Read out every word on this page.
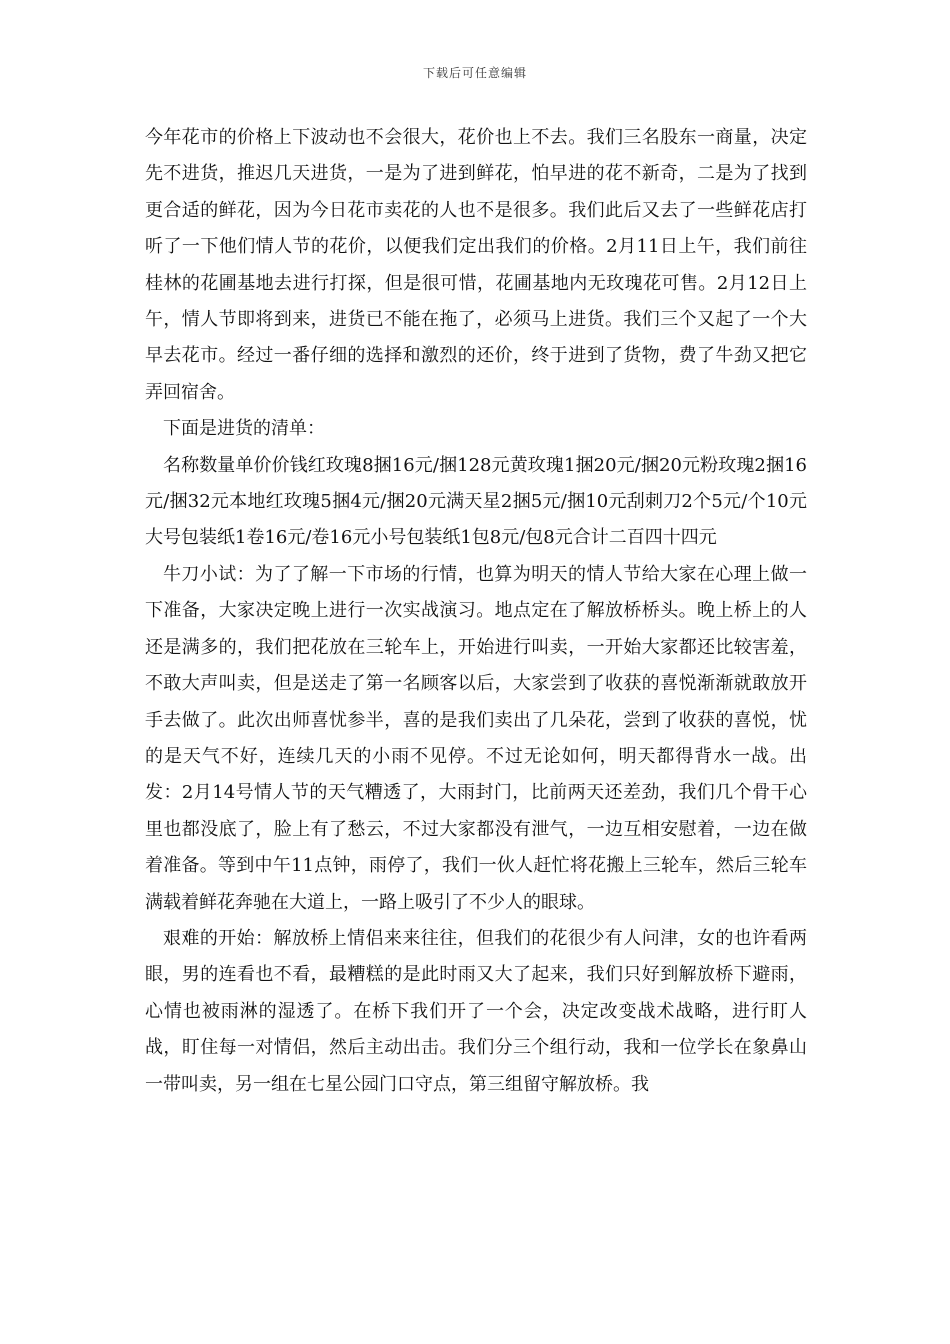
下载后可任意编辑

今年花市的价格上下波动也不会很大，花价也上不去。我们三名股东一商量，决定先不进货，推迟几天进货，一是为了进到鲜花，怕早进的花不新奇，二是为了找到更合适的鲜花，因为今日花市卖花的人也不是很多。我们此后又去了一些鲜花店打听了一下他们情人节的花价，以便我们定出我们的价格。2月11日上午，我们前往桂林的花圃基地去进行打探，但是很可惜，花圃基地内无玫瑰花可售。2月12日上午，情人节即将到来，进货已不能在拖了，必须马上进货。我们三个又起了一个大早去花市。经过一番仔细的选择和激烈的还价，终于进到了货物，费了牛劲又把它弄回宿舍。

下面是进货的清单：

名称数量单价价钱红玫瑰8捆16元/捆128元黄玫瑰1捆20元/捆20元粉玫瑰2捆16元/捆32元本地红玫瑰5捆4元/捆20元满天星2捆5元/捆10元刮刺刀2个5元/个10元大号包装纸1卷16元/卷16元小号包装纸1包8元/包8元合计二百四十四元

牛刀小试：为了了解一下市场的行情，也算为明天的情人节给大家在心理上做一下准备，大家决定晚上进行一次实战演习。地点定在了解放桥桥头。晚上桥上的人还是满多的，我们把花放在三轮车上，开始进行叫卖，一开始大家都还比较害羞，不敢大声叫卖，但是送走了第一名顾客以后，大家尝到了收获的喜悦渐渐就敢放开手去做了。此次出师喜忧参半，喜的是我们卖出了几朵花，尝到了收获的喜悦，忧的是天气不好，连续几天的小雨不见停。不过无论如何，明天都得背水一战。出发：2月14号情人节的天气糟透了，大雨封门，比前两天还差劲，我们几个骨干心里也都没底了，脸上有了愁云，不过大家都没有泄气，一边互相安慰着，一边在做着准备。等到中午11点钟，雨停了，我们一伙人赶忙将花搬上三轮车，然后三轮车满载着鲜花奔驰在大道上，一路上吸引了不少人的眼球。

艰难的开始：解放桥上情侣来来往往，但我们的花很少有人问津，女的也许看两眼，男的连看也不看，最糟糕的是此时雨又大了起来，我们只好到解放桥下避雨，心情也被雨淋的湿透了。在桥下我们开了一个会，决定改变战术战略，进行盯人战，盯住每一对情侣，然后主动出击。我们分三个组行动，我和一位学长在象鼻山一带叫卖，另一组在七星公园门口守点，第三组留守解放桥。我
